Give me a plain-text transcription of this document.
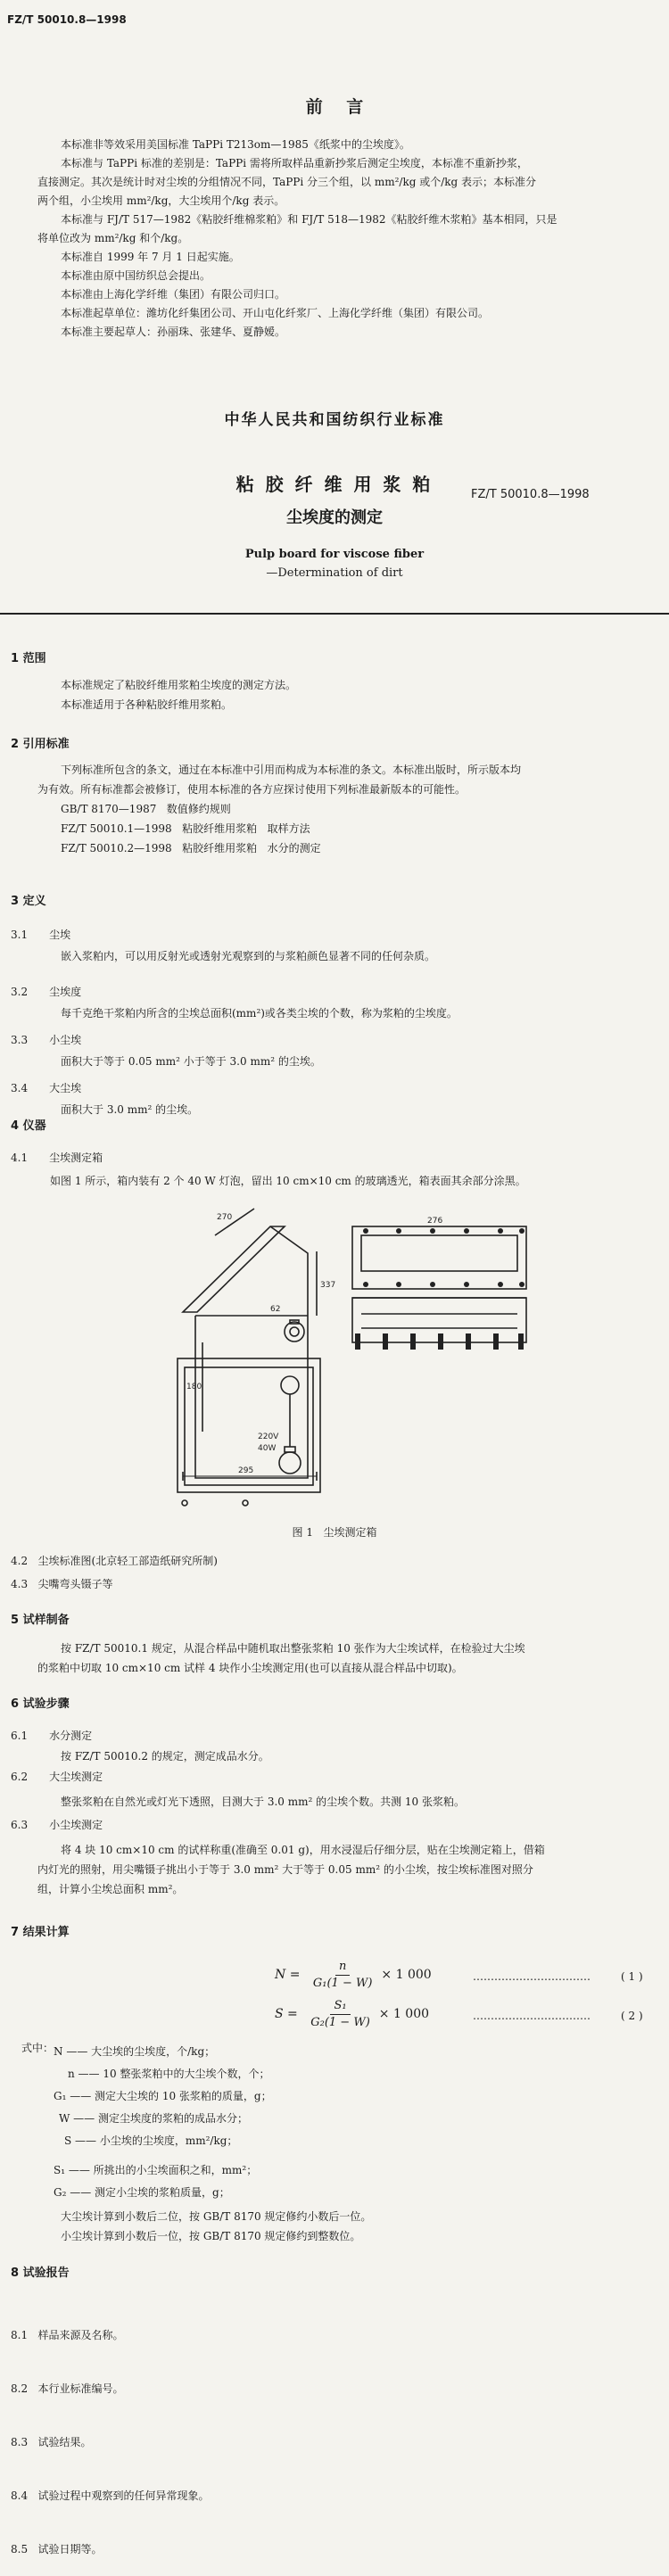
FZ/T 50010.8—1998
前    言
本标准非等效采用美国标准 TaPPi T213om—1985《纸浆中的尘埃度》。
本标准与 TaPPi 标准的差别是：TaPPi 需将所取样品重新抄浆后测定尘埃度，本标准不重新抄浆，
直接测定。其次是统计时对尘埃的分组情况不同，TaPPi 分三个组，以 mm²/kg 或个/kg 表示；本标准分
两个组，小尘埃用 mm²/kg，大尘埃用个/kg 表示。
本标准与 FJ/T 517—1982《粘胶纤维棉浆粕》和 FJ/T 518—1982《粘胶纤维木浆粕》基本相同，只是
将单位改为 mm²/kg 和个/kg。
本标准自 1999 年 7 月 1 日起实施。
本标准由原中国纺织总会提出。
本标准由上海化学纤维（集团）有限公司归口。
本标准起草单位：潍坊化纤集团公司、开山屯化纤浆厂、上海化学纤维（集团）有限公司。
本标准主要起草人：孙丽珠、张建华、夏静嫒。
中华人民共和国纺织行业标准
粘 胶 纤 维 用 浆 粕	FZ/T 50010.8—1998
尘埃度的测定
Pulp board for viscose fiber
—Determination of dirt
1 范围
本标准规定了粘胶纤维用浆粕尘埃度的测定方法。
本标准适用于各种粘胶纤维用浆粕。
2 引用标准
下列标准所包含的条文，通过在本标准中引用而构成为本标准的条文。本标准出版时，所示版本均
为有效。所有标准都会被修订，使用本标准的各方应探讨使用下列标准最新版本的可能性。
GB/T 8170—1987   数值修约规则
FZ/T 50010.1—1998   粘胶纤维用浆粕   取样方法
FZ/T 50010.2—1998   粘胶纤维用浆粕   水分的测定
3 定义
3.1 尘埃
嵌入浆粕内，可以用反射光或透射光观察到的与浆粕颜色显著不同的任何杂质。
3.2 尘埃度
每千克绝干浆粕内所含的尘埃总面积(mm²)或各类尘埃的个数，称为浆粕的尘埃度。
3.3 小尘埃
面积大于等于 0.05 mm² 小于等于 3.0 mm² 的尘埃。
3.4 大尘埃
面积大于 3.0 mm² 的尘埃。
4 仪器
4.1 尘埃测定箱
如图 1 所示，箱内装有 2 个 40 W 灯泡，留出 10 cm×10 cm 的玻璃透光，箱表面其余部分涂黑。
270
337
180
62
295
276
220V
40W
图 1   尘埃测定箱
4.2   尘埃标准图(北京轻工部造纸研究所制)
4.3   尖嘴弯头镊子等
5 试样制备
按 FZ/T 50010.1 规定，从混合样品中随机取出整张浆粕 10 张作为大尘埃试样，在检验过大尘埃
的浆粕中切取 10 cm×10 cm 试样 4 块作小尘埃测定用(也可以直接从混合样品中切取)。
6 试验步骤
6.1 水分测定
按 FZ/T 50010.2 的规定，测定成品水分。
6.2 大尘埃测定
整张浆粕在自然光或灯光下透照，目测大于 3.0 mm² 的尘埃个数。共测 10 张浆粕。
6.3 小尘埃测定
将 4 块 10 cm×10 cm 的试样称重(准确至 0.01 g)，用水浸湿后仔细分层，贴在尘埃测定箱上，借箱
内灯光的照射，用尖嘴镊子挑出小于等于 3.0 mm² 大于等于 0.05 mm² 的小尘埃，按尘埃标准图对照分
组，计算小尘埃总面积 mm²。
7 结果计算
$N = \frac{n}{\text{G₁(1 − W)}} \times 1$ 000	……………………………	( 1 )
$S = \frac{\text{S₁}}{\text{G₂(1 − W)}} \times 1$ 000	……………………………	( 2 )
式中： N —— 大尘埃的尘埃度，个/kg；
n —— 10 整张浆粕中的大尘埃个数，个；
G₁ —— 测定大尘埃的 10 张浆粕的质量，g；
W —— 测定尘埃度的浆粕的成品水分；
S —— 小尘埃的尘埃度，mm²/kg；
S₁ —— 所挑出的小尘埃面积之和，mm²；
G₂ —— 测定小尘埃的浆粕质量，g；
大尘埃计算到小数后二位，按 GB/T 8170 规定修约小数后一位。
小尘埃计算到小数后一位，按 GB/T 8170 规定修约到整数位。
8 试验报告

8.1   样品来源及名称。

8.2   本行业标准编号。

8.3   试验结果。

8.4   试验过程中观察到的任何异常现象。

8.5   试验日期等。
